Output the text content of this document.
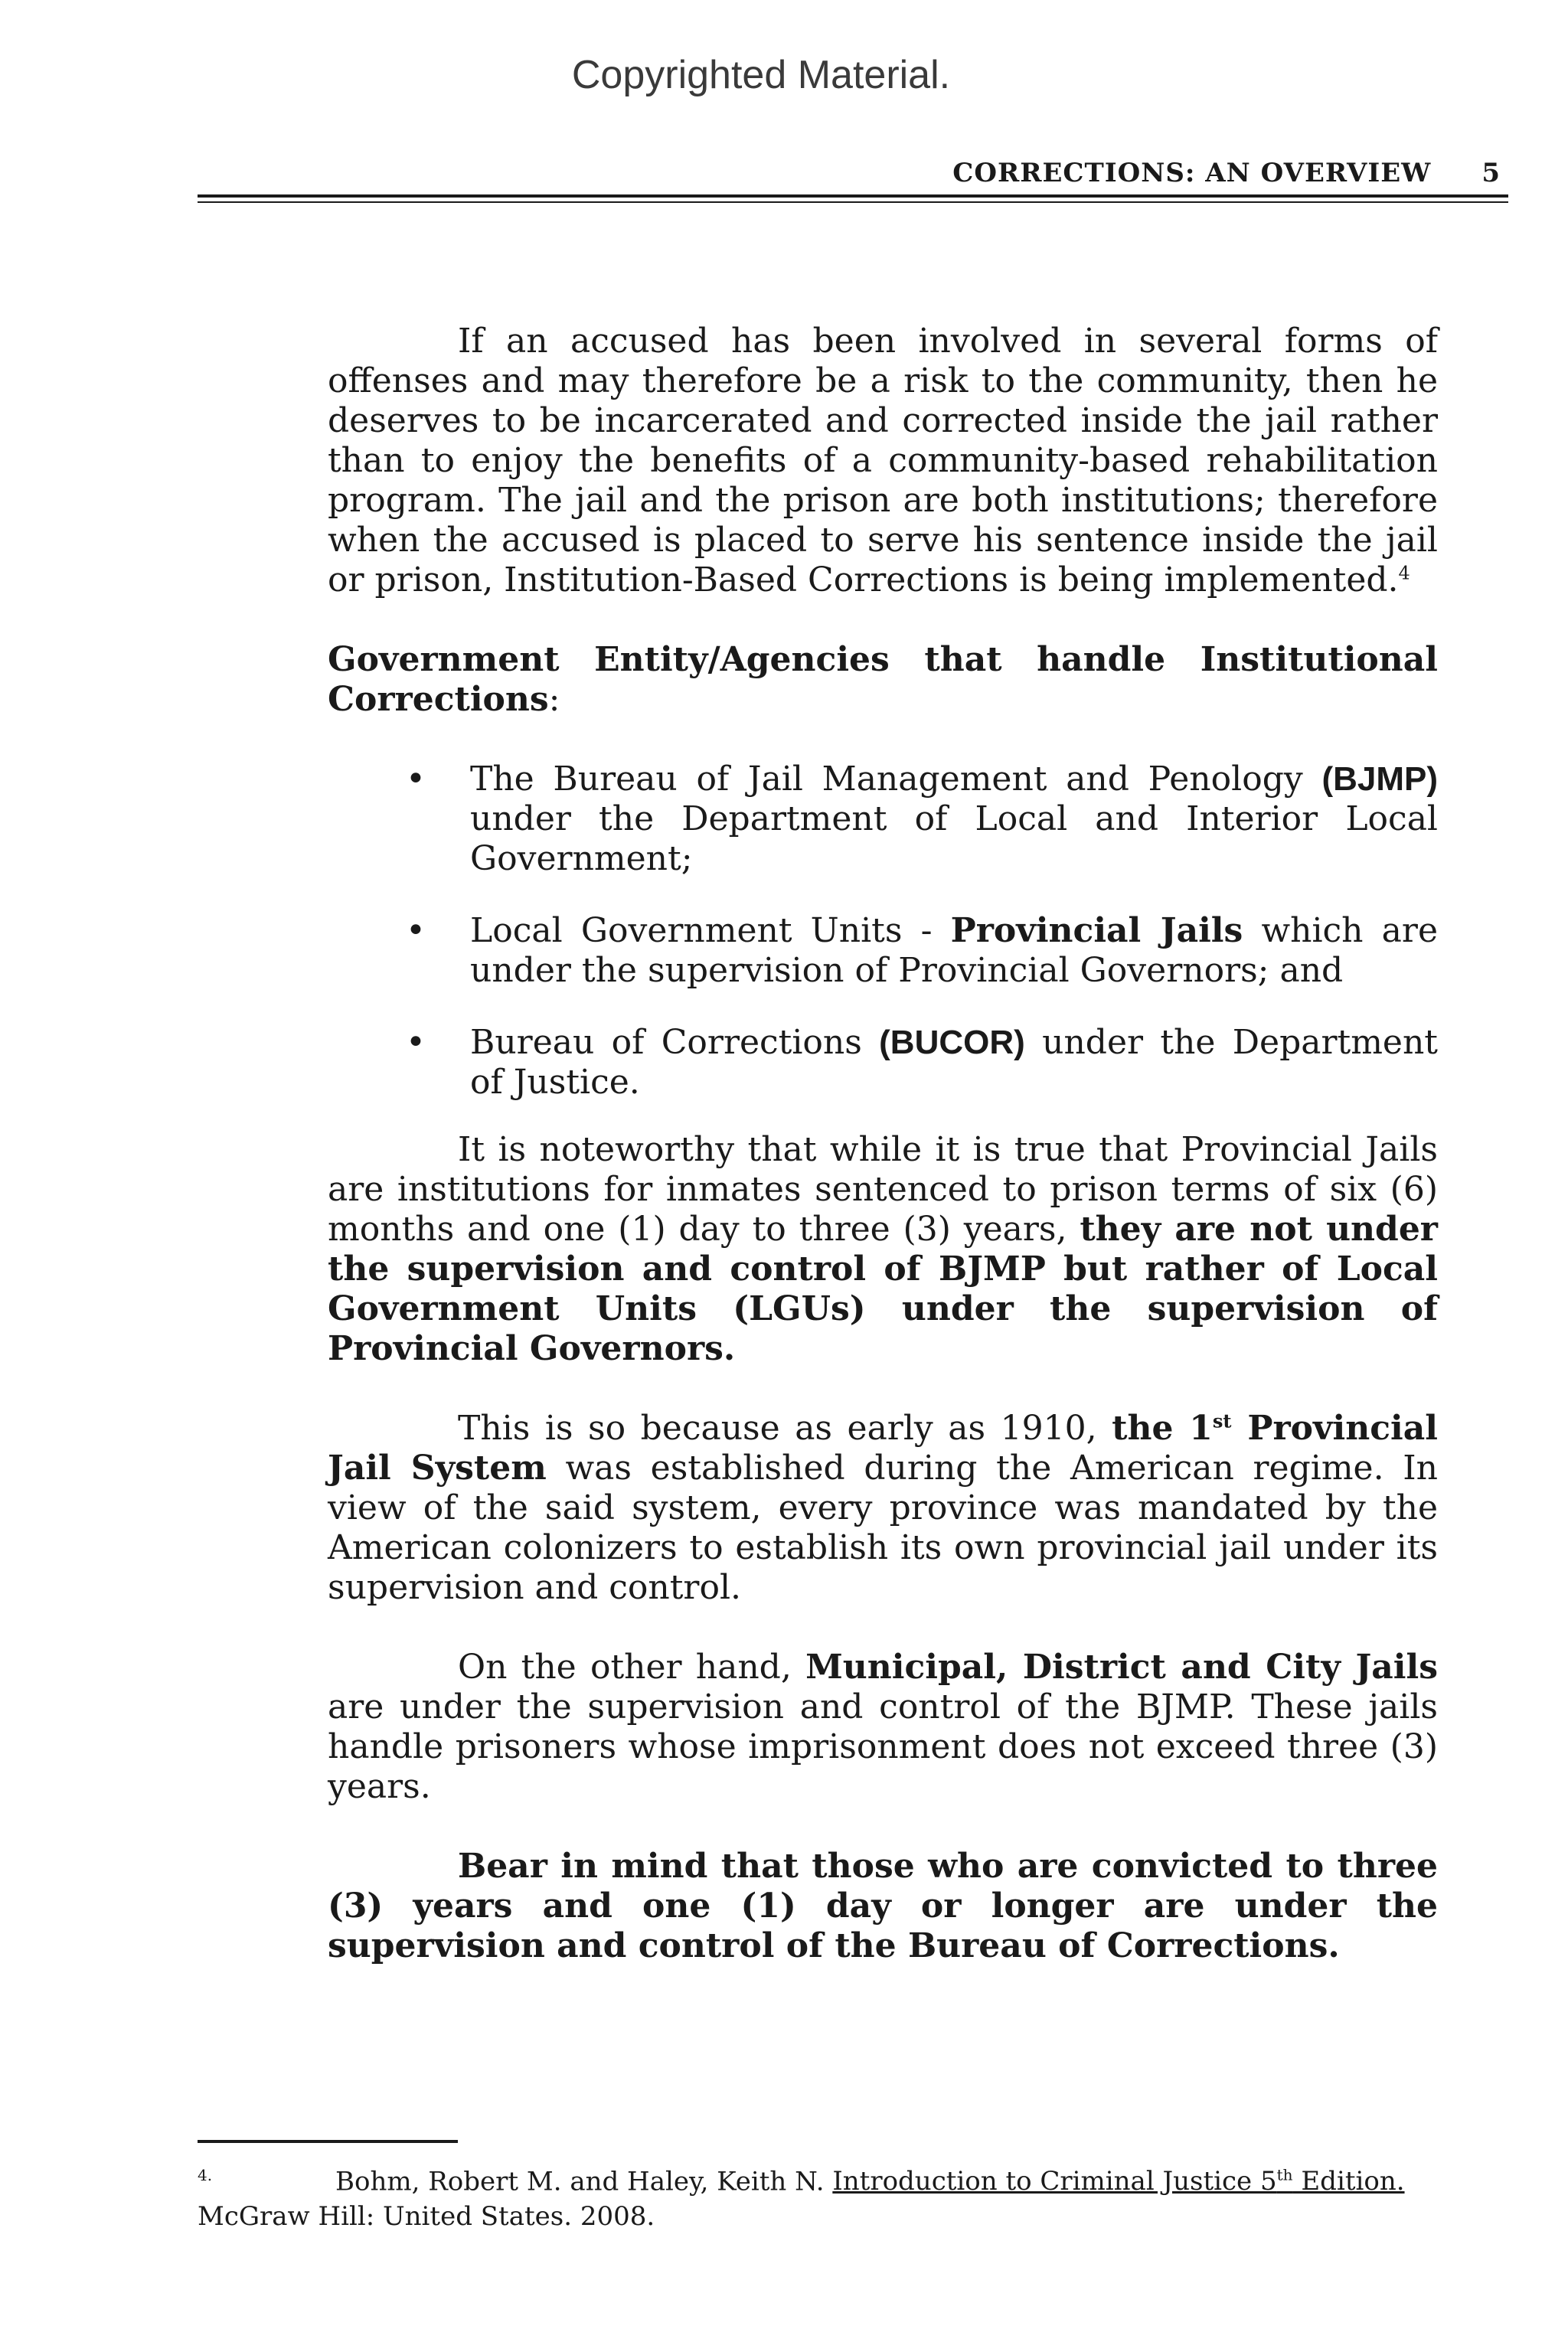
Copyrighted Material.
CORRECTIONS: AN OVERVIEW 5

If an accused has been involved in several forms of offenses and may therefore be a risk to the community, then he deserves to be incarcerated and corrected inside the jail rather than to enjoy the benefits of a community-based rehabilitation program. The jail and the prison are both institutions; therefore when the accused is placed to serve his sentence inside the jail or prison, Institution-Based Corrections is being implemented.$^4$

Government Entity/Agencies that handle Institutional Corrections:

• The Bureau of Jail Management and Penology (BJMP) under the Department of Local and Interior Local Government;
• Local Government Units - Provincial Jails which are under the supervision of Provincial Governors; and
• Bureau of Corrections (BUCOR) under the Department of Justice.

It is noteworthy that while it is true that Provincial Jails are institutions for inmates sentenced to prison terms of six (6) months and one (1) day to three (3) years, they are not under the supervision and control of BJMP but rather of Local Government Units (LGUs) under the supervision of Provincial Governors.

This is so because as early as 1910, the 1st Provincial Jail System was established during the American regime. In view of the said system, every province was mandated by the American colonizers to establish its own provincial jail under its supervision and control.

On the other hand, Municipal, District and City Jails are under the supervision and control of the BJMP. These jails handle prisoners whose imprisonment does not exceed three (3) years.

Bear in mind that those who are convicted to three (3) years and one (1) day or longer are under the supervision and control of the Bureau of Corrections.

4.	Bohm, Robert M. and Haley, Keith N. Introduction to Criminal Justice 5th Edition. McGraw Hill: United States. 2008.
